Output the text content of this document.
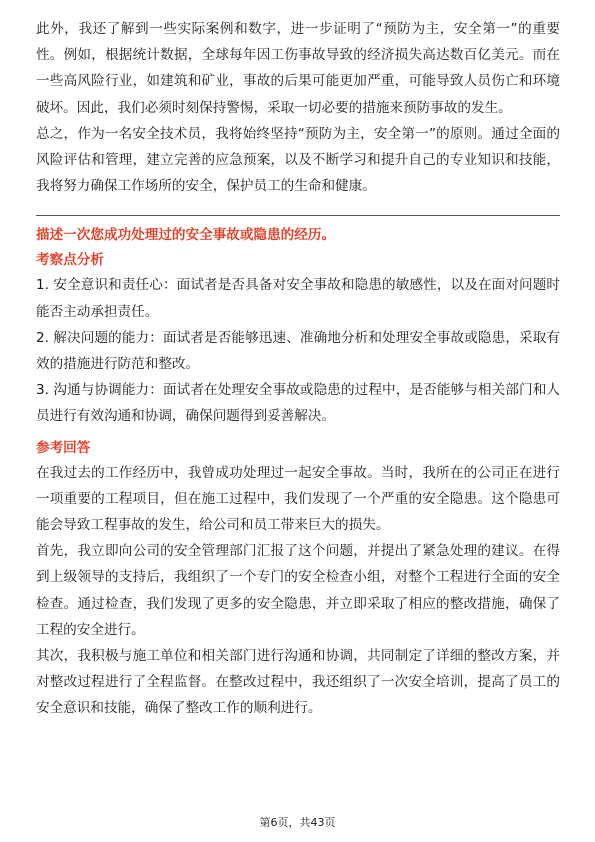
此外，我还了解到一些实际案例和数字，进一步证明了“预防为主，安全第一”的重要性。例如，根据统计数据，全球每年因工伤事故导致的经济损失高达数百亿美元。而在一些高风险行业，如建筑和矿业，事故的后果可能更加严重，可能导致人员伤亡和环境破坏。因此，我们必须时刻保持警惕，采取一切必要的措施来预防事故的发生。

总之，作为一名安全技术员，我将始终坚持“预防为主，安全第一”的原则。通过全面的风险评估和管理，建立完善的应急预案，以及不断学习和提升自己的专业知识和技能，我将努力确保工作场所的安全，保护员工的生命和健康。

描述一次您成功处理过的安全事故或隐患的经历。

考察点分析

1. 安全意识和责任心：面试者是否具备对安全事故和隐患的敏感性，以及在面对问题时能否主动承担责任。

2. 解决问题的能力：面试者是否能够迅速、准确地分析和处理安全事故或隐患，采取有效的措施进行防范和整改。

3. 沟通与协调能力：面试者在处理安全事故或隐患的过程中，是否能够与相关部门和人员进行有效沟通和协调，确保问题得到妥善解决。

参考回答

在我过去的工作经历中，我曾成功处理过一起安全事故。当时，我所在的公司正在进行一项重要的工程项目，但在施工过程中，我们发现了一个严重的安全隐患。这个隐患可能会导致工程事故的发生，给公司和员工带来巨大的损失。

首先，我立即向公司的安全管理部门汇报了这个问题，并提出了紧急处理的建议。在得到上级领导的支持后，我组织了一个专门的安全检查小组，对整个工程进行全面的安全检查。通过检查，我们发现了更多的安全隐患，并立即采取了相应的整改措施，确保了工程的安全进行。

其次，我积极与施工单位和相关部门进行沟通和协调，共同制定了详细的整改方案，并对整改过程进行了全程监督。在整改过程中，我还组织了一次安全培训，提高了员工的安全意识和技能，确保了整改工作的顺利进行。

第6页，共43页
